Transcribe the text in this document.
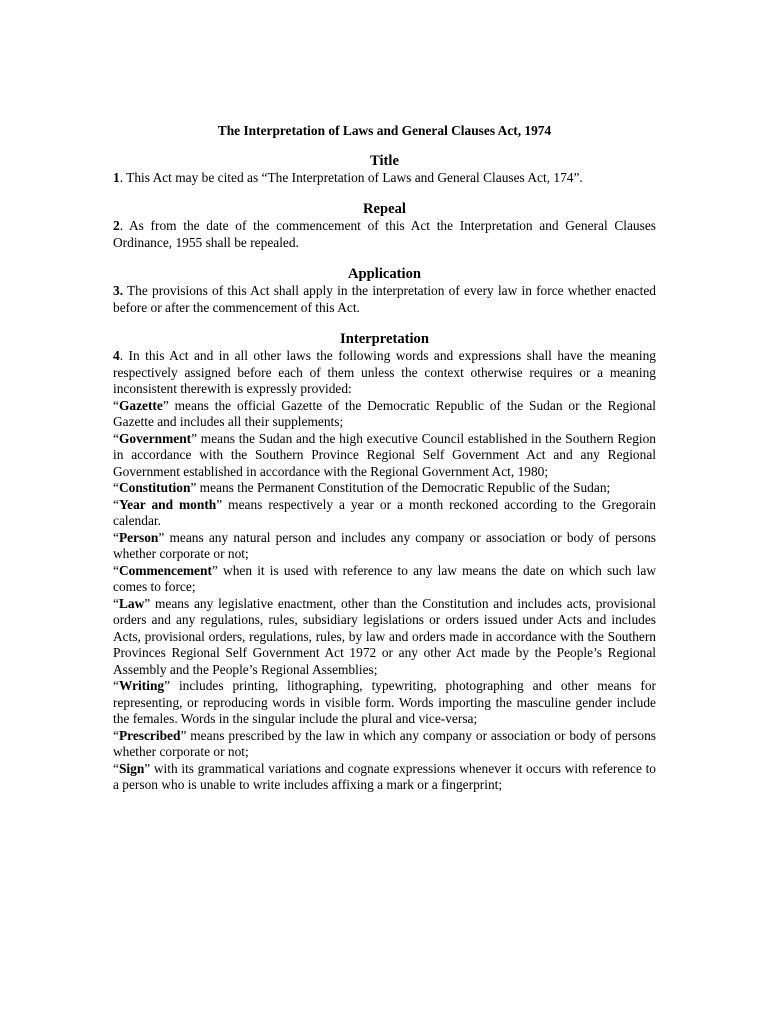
The Interpretation of Laws and General Clauses Act, 1974

Title

1. This Act may be cited as “The Interpretation of Laws and General Clauses Act, 174”.

Repeal

2. As from the date of the commencement of this Act the Interpretation and General Clauses Ordinance, 1955 shall be repealed.

Application

3. The provisions of this Act shall apply in the interpretation of every law in force whether enacted before or after the commencement of this Act.

Interpretation

4. In this Act and in all other laws the following words and expressions shall have the meaning respectively assigned before each of them unless the context otherwise requires or a meaning inconsistent therewith is expressly provided:

“Gazette” means the official Gazette of the Democratic Republic of the Sudan or the Regional Gazette and includes all their supplements;

“Government” means the Sudan and the high executive Council established in the Southern Region in accordance with the Southern Province Regional Self Government Act and any Regional Government established in accordance with the Regional Government Act, 1980;

“Constitution” means the Permanent Constitution of the Democratic Republic of the Sudan;

“Year and month” means respectively a year or a month reckoned according to the Gregorain calendar.

“Person” means any natural person and includes any company or association or body of persons whether corporate or not;

“Commencement” when it is used with reference to any law means the date on which such law comes to force;

“Law” means any legislative enactment, other than the Constitution and includes acts, provisional orders and any regulations, rules, subsidiary legislations or orders issued under Acts and includes Acts, provisional orders, regulations, rules, by law and orders made in accordance with the Southern Provinces Regional Self Government Act 1972 or any other Act made by the People’s Regional Assembly and the People’s Regional Assemblies;

“Writing” includes printing, lithographing, typewriting, photographing and other means for representing, or reproducing words in visible form. Words importing the masculine gender include the females. Words in the singular include the plural and vice-versa;

“Prescribed” means prescribed by the law in which any company or association or body of persons whether corporate or not;

“Sign” with its grammatical variations and cognate expressions whenever it occurs with reference to a person who is unable to write includes affixing a mark or a fingerprint;
